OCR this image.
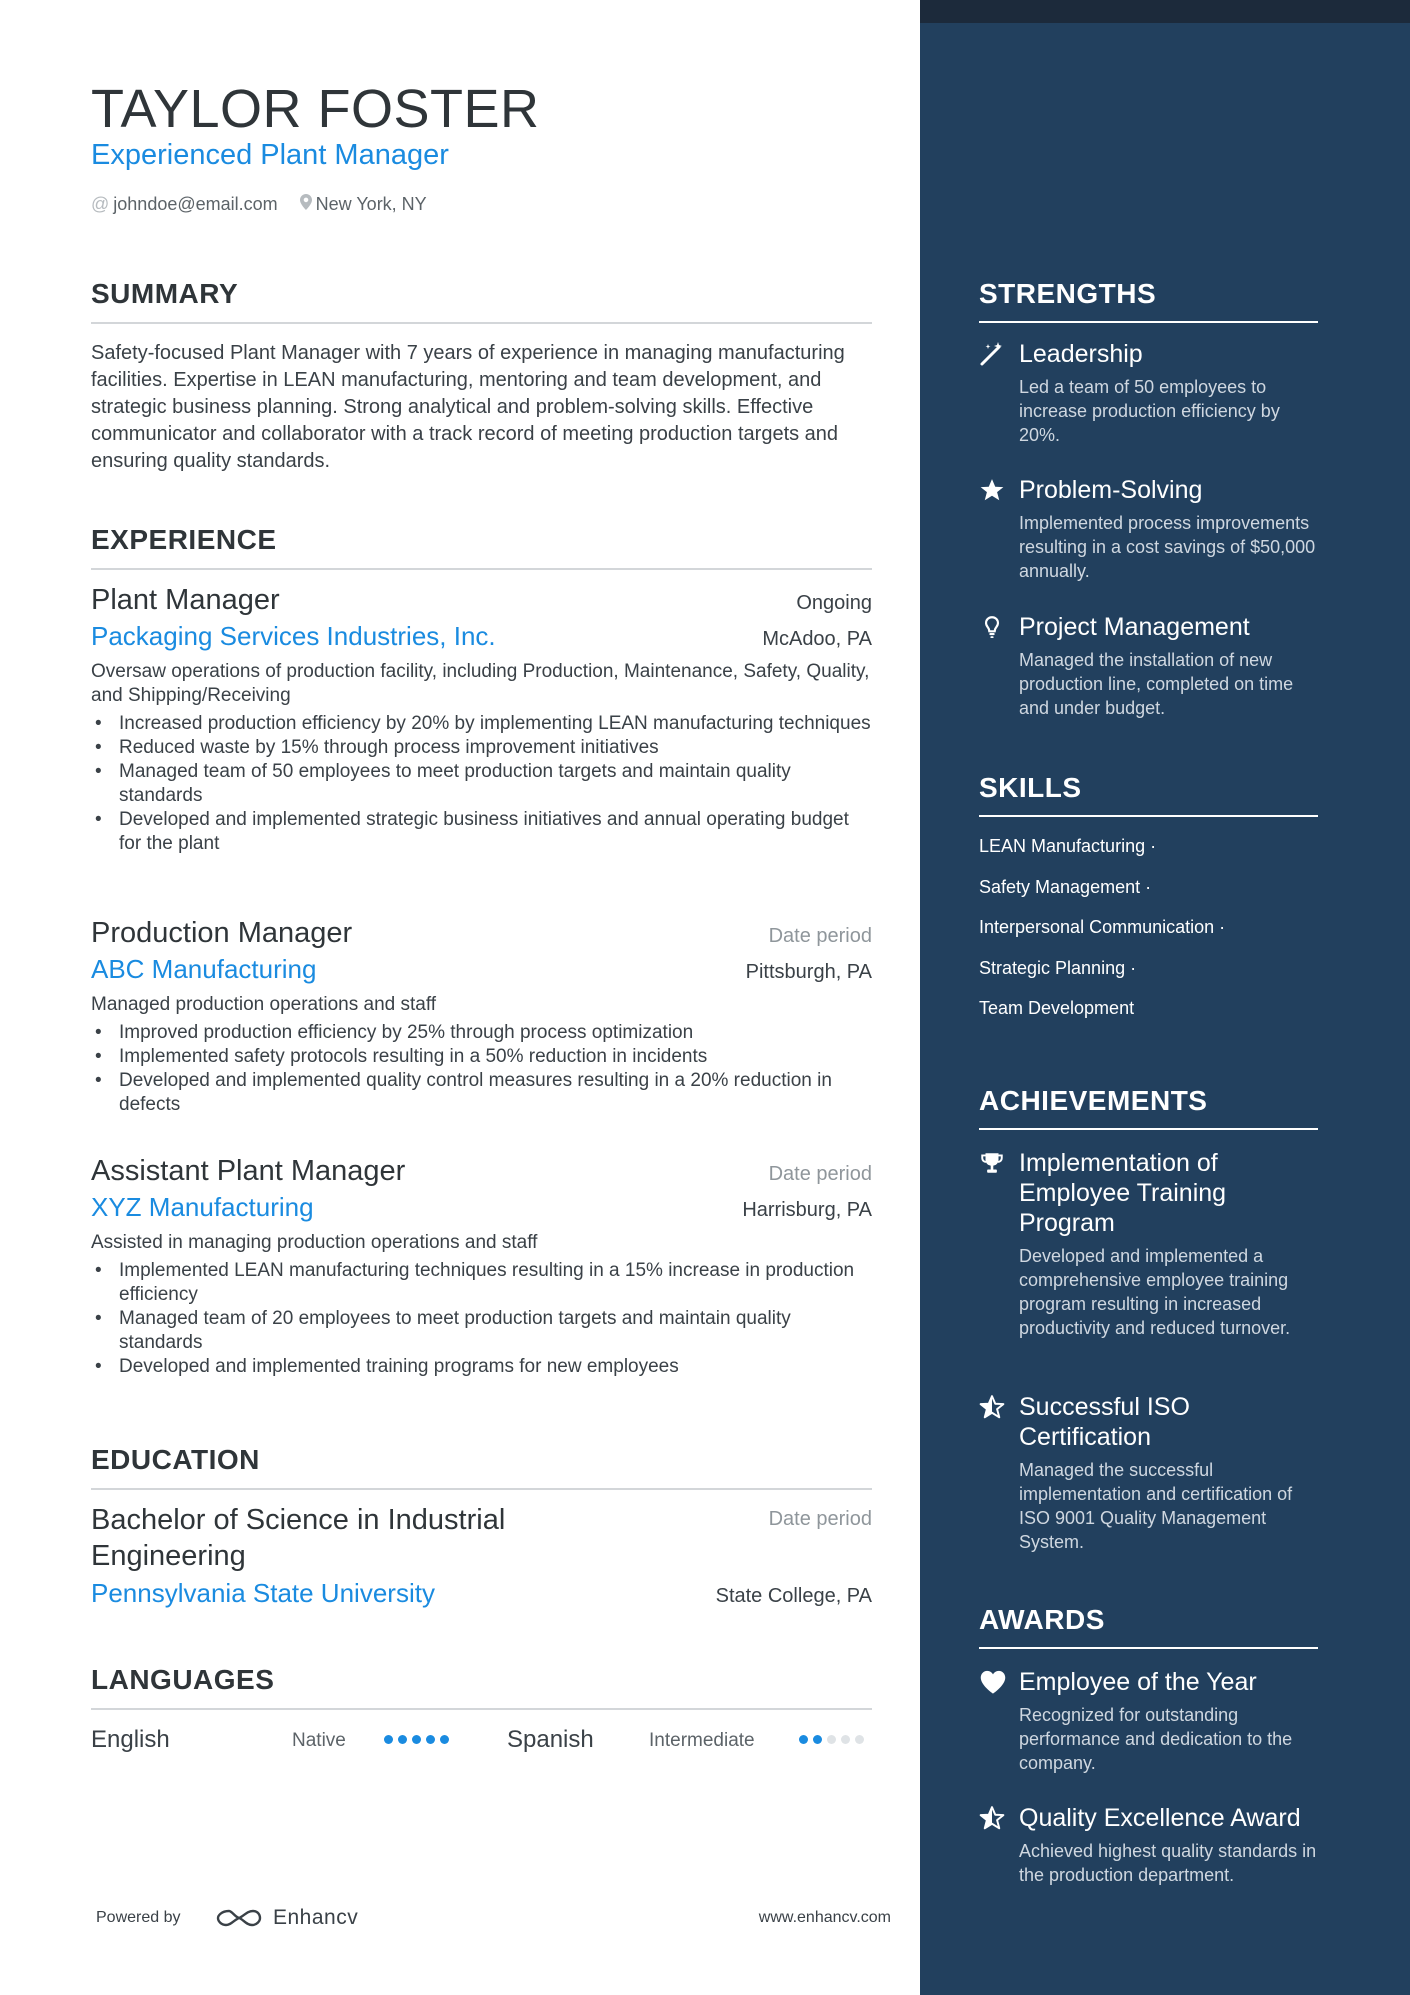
TAYLOR FOSTER
Experienced Plant Manager
@ johndoe@email.com New York, NY
SUMMARY

Safety-focused Plant Manager with 7 years of experience in managing manufacturing facilities. Expertise in LEAN manufacturing, mentoring and team development, and strategic business planning. Strong analytical and problem-solving skills. Effective communicator and collaborator with a track record of meeting production targets and ensuring quality standards.

EXPERIENCE
Plant Manager	Ongoing
Packaging Services Industries, Inc.	McAdoo, PA
Oversaw operations of production facility, including Production, Maintenance, Safety, Quality, and Shipping/Receiving
• Increased production efficiency by 20% by implementing LEAN manufacturing techniques
• Reduced waste by 15% through process improvement initiatives
• Managed team of 50 employees to meet production targets and maintain quality standards
• Developed and implemented strategic business initiatives and annual operating budget for the plant
Production Manager	Date period
ABC Manufacturing	Pittsburgh, PA
Managed production operations and staff
• Improved production efficiency by 25% through process optimization
• Implemented safety protocols resulting in a 50% reduction in incidents
• Developed and implemented quality control measures resulting in a 20% reduction in defects
Assistant Plant Manager	Date period
XYZ Manufacturing	Harrisburg, PA
Assisted in managing production operations and staff
• Implemented LEAN manufacturing techniques resulting in a 15% increase in production efficiency
• Managed team of 20 employees to meet production targets and maintain quality standards
• Developed and implemented training programs for new employees
EDUCATION
Bachelor of Science in Industrial Engineering
Date period
Pennsylvania State University	State College, PA
LANGUAGES
English	Native	Spanish	Intermediate
Powered by	Enhancv	www.enhancv.com
STRENGTHS
Leadership
Led a team of 50 employees to increase production efficiency by 20%.
Problem-Solving
Implemented process improvements resulting in a cost savings of $50,000 annually.
Project Management
Managed the installation of new production line, completed on time and under budget.
SKILLS
LEAN Manufacturing ·
Safety Management ·
Interpersonal Communication ·
Strategic Planning ·
Team Development
ACHIEVEMENTS
Implementation of Employee Training Program
Developed and implemented a comprehensive employee training program resulting in increased productivity and reduced turnover.
Successful ISO Certification
Managed the successful implementation and certification of ISO 9001 Quality Management System.
AWARDS
Employee of the Year
Recognized for outstanding performance and dedication to the company.
Quality Excellence Award
Achieved highest quality standards in the production department.
